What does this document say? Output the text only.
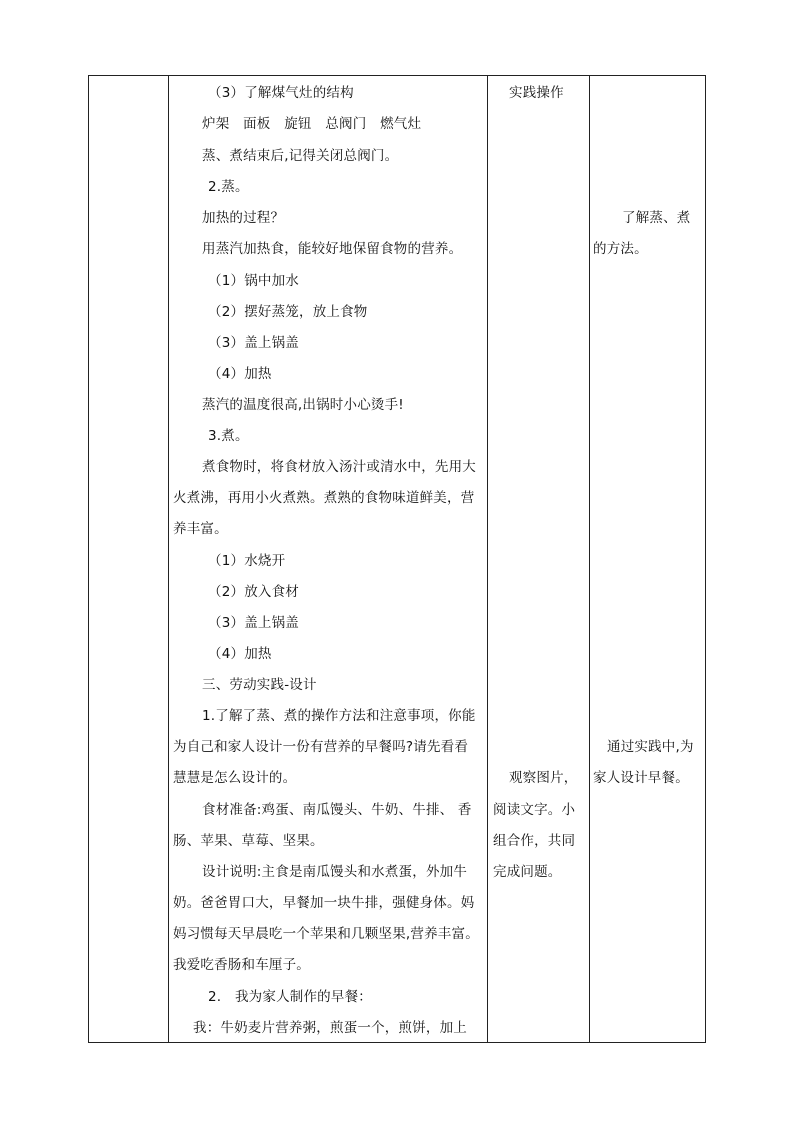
（3）了解煤气灶的结构
炉架　面板　旋钮　总阀门　燃气灶
蒸、煮结束后,记得关闭总阀门。
2.蒸。
加热的过程？
用蒸汽加热食，能较好地保留食物的营养。
（1）锅中加水
（2）摆好蒸笼，放上食物
（3）盖上锅盖
（4）加热
蒸汽的温度很高,出锅时小心烫手!
3.煮。
煮食物时，将食材放入汤汁或清水中，先用大
火煮沸，再用小火煮熟。煮熟的食物味道鲜美，营
养丰富。
（1）水烧开
（2）放入食材
（3）盖上锅盖
（4）加热
三、劳动实践-设计
1.了解了蒸、煮的操作方法和注意事项，你能
为自己和家人设计一份有营养的早餐吗?请先看看
慧慧是怎么设计的。
食材准备:鸡蛋、南瓜馒头、牛奶、牛排、 香
肠、苹果、草莓、坚果。
设计说明:主食是南瓜馒头和水煮蛋，外加牛
奶。爸爸胃口大，早餐加一块牛排，强健身体。妈
妈习惯每天早晨吃一个苹果和几颗坚果,营养丰富。
我爱吃香肠和车厘子。
2.　我为家人制作的早餐：
我：牛奶麦片营养粥，煎蛋一个，煎饼，加上
实践操作
观察图片，
阅读文字。小
组合作，共同
完成问题。
了解蒸、煮
的方法。
通过实践中,为
家人设计早餐。
